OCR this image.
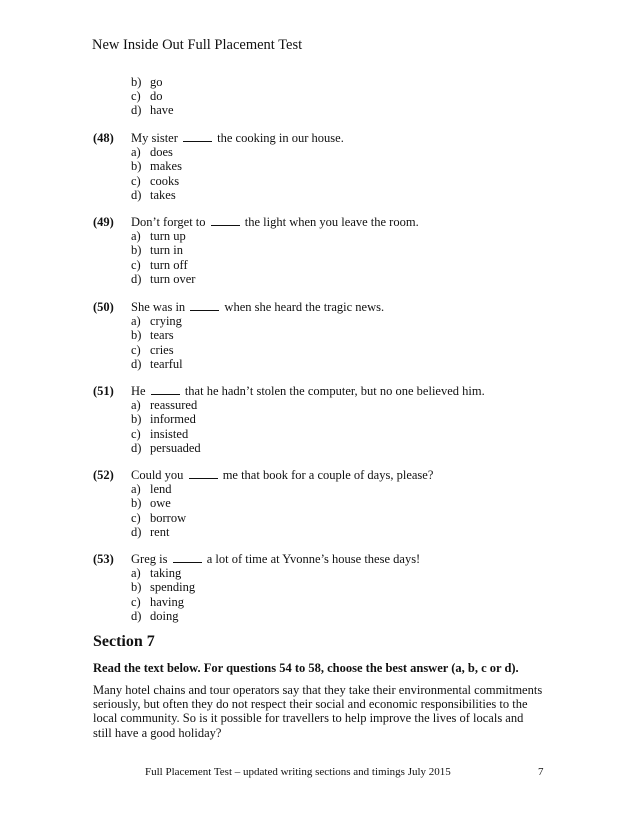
New Inside Out Full Placement Test
b) go
c) do
d) have
(48) My sister	the cooking in our house.
a) does
b) makes
c) cooks
d) takes
(49) Don’t forget to	the light when you leave the room.
a) turn up
b) turn in
c) turn off
d) turn over
(50) She was in	when she heard the tragic news.
a) crying
b) tears
c) cries
d) tearful
(51) He	that he hadn’t stolen the computer, but no one believed him.
a) reassured
b) informed
c) insisted
d) persuaded
(52) Could you	me that book for a couple of days, please?
a) lend
b) owe
c) borrow
d) rent
(53) Greg is	a lot of time at Yvonne’s house these days!
a) taking
b) spending
c) having
d) doing
Section 7
Read the text below. For questions 54 to 58, choose the best answer (a, b, c or d).
Many hotel chains and tour operators say that they take their environmental commitments seriously, but often they do not respect their social and economic responsibilities to the local community. So is it possible for travellers to help improve the lives of locals and still have a good holiday?
Full Placement Test – updated writing sections and timings July 2015	7
